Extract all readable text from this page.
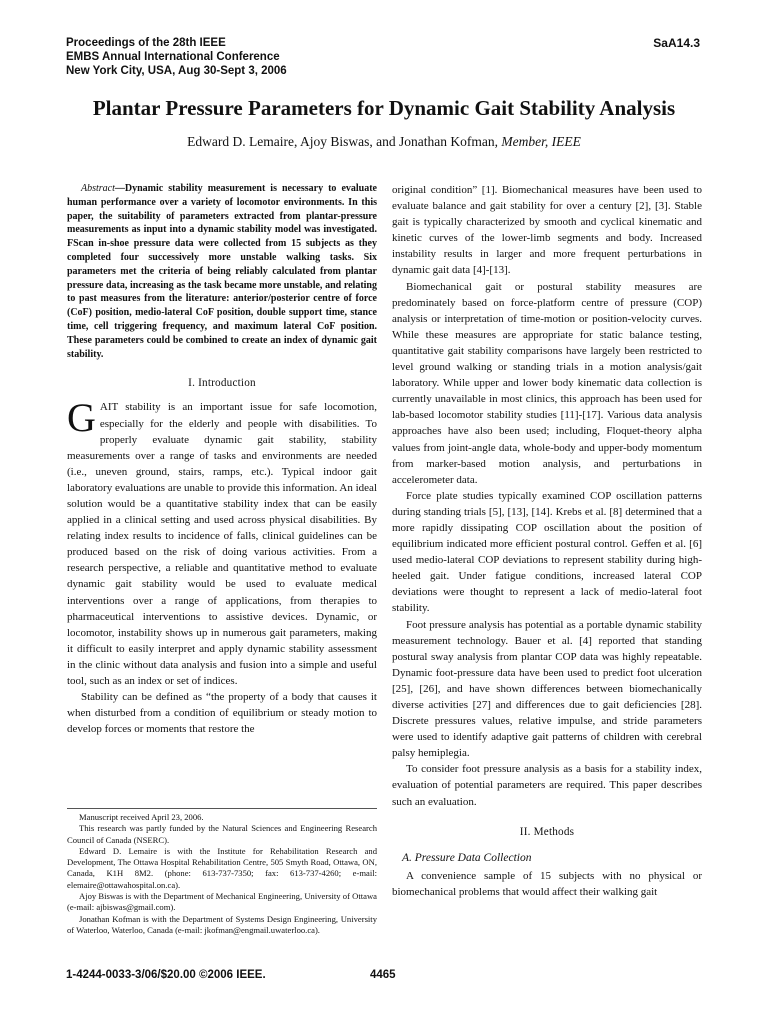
Proceedings of the 28th IEEE
EMBS Annual International Conference
New York City, USA, Aug 30-Sept 3, 2006
SaA14.3
Plantar Pressure Parameters for Dynamic Gait Stability Analysis
Edward D. Lemaire, Ajoy Biswas, and Jonathan Kofman, Member, IEEE

Abstract—Dynamic stability measurement is necessary to evaluate human performance over a variety of locomotor environments. In this paper, the suitability of parameters extracted from plantar-pressure measurements as input into a dynamic stability model was investigated. FScan in-shoe pressure data were collected from 15 subjects as they completed four successively more unstable walking tasks. Six parameters met the criteria of being reliably calculated from plantar pressure data, increasing as the task became more unstable, and relating to past measures from the literature: anterior/posterior centre of force (CoF) position, medio-lateral CoF position, double support time, stance time, cell triggering frequency, and maximum lateral CoF position. These parameters could be combined to create an index of dynamic gait stability.

I. Introduction

GAIT stability is an important issue for safe locomotion, especially for the elderly and people with disabilities. To properly evaluate dynamic gait stability, stability measurements over a range of tasks and environments are needed (i.e., uneven ground, stairs, ramps, etc.). Typical indoor gait laboratory evaluations are unable to provide this information. An ideal solution would be a quantitative stability index that can be easily applied in a clinical setting and used across physical disabilities. By relating index results to incidence of falls, clinical guidelines can be produced based on the risk of doing various activities. From a research perspective, a reliable and quantitative method to evaluate dynamic gait stability would be used to evaluate medical interventions over a range of applications, from therapies to pharmaceutical interventions to assistive devices. Dynamic, or locomotor, instability shows up in numerous gait parameters, making it difficult to easily interpret and apply dynamic stability assessment in the clinic without data analysis and fusion into a simple and useful tool, such as an index or set of indices.

Stability can be defined as “the property of a body that causes it when disturbed from a condition of equilibrium or steady motion to develop forces or moments that restore the

Manuscript received April 23, 2006.
This research was partly funded by the Natural Sciences and Engineering Research Council of Canada (NSERC).
Edward D. Lemaire is with the Institute for Rehabilitation Research and Development, The Ottawa Hospital Rehabilitation Centre, 505 Smyth Road, Ottawa, ON, Canada, K1H 8M2. (phone: 613-737-7350; fax: 613-737-4260; e-mail: elemaire@ottawahospital.on.ca).
Ajoy Biswas is with the Department of Mechanical Engineering, University of Ottawa (e-mail: ajbiswas@gmail.com).
Jonathan Kofman is with the Department of Systems Design Engineering, University of Waterloo, Waterloo, Canada (e-mail: jkofman@engmail.uwaterloo.ca).

original condition” [1]. Biomechanical measures have been used to evaluate balance and gait stability for over a century [2], [3]. Stable gait is typically characterized by smooth and cyclical kinematic and kinetic curves of the lower-limb segments and body. Increased instability results in larger and more frequent perturbations in dynamic gait data [4]-[13].

Biomechanical gait or postural stability measures are predominately based on force-platform centre of pressure (COP) analysis or interpretation of time-motion or position-velocity curves. While these measures are appropriate for static balance testing, quantitative gait stability comparisons have largely been restricted to level ground walking or standing trials in a motion analysis/gait laboratory. While upper and lower body kinematic data collection is currently unavailable in most clinics, this approach has been used for lab-based locomotor stability studies [11]-[17]. Various data analysis approaches have also been used; including, Floquet-theory alpha values from joint-angle data, whole-body and upper-body momentum from marker-based motion analysis, and perturbations in accelerometer data.

Force plate studies typically examined COP oscillation patterns during standing trials [5], [13], [14]. Krebs et al. [8] determined that a more rapidly dissipating COP oscillation about the position of equilibrium indicated more efficient postural control. Geffen et al. [6] used medio-lateral COP deviations to represent stability during high-heeled gait. Under fatigue conditions, increased lateral COP deviations were thought to represent a lack of medio-lateral foot stability.

Foot pressure analysis has potential as a portable dynamic stability measurement technology. Bauer et al. [4] reported that standing postural sway analysis from plantar COP data was highly repeatable. Dynamic foot-pressure data have been used to predict foot ulceration [25], [26], and have shown differences between biomechanically diverse activities [27] and differences due to gait deficiencies [28]. Discrete pressures values, relative impulse, and stride parameters were used to identify adaptive gait patterns of children with cerebral palsy hemiplegia.

To consider foot pressure analysis as a basis for a stability index, evaluation of potential parameters are required. This paper describes such an evaluation.

II. Methods
A. Pressure Data Collection

A convenience sample of 15 subjects with no physical or biomechanical problems that would affect their walking gait

1-4244-0033-3/06/$20.00 ©2006 IEEE.	4465
